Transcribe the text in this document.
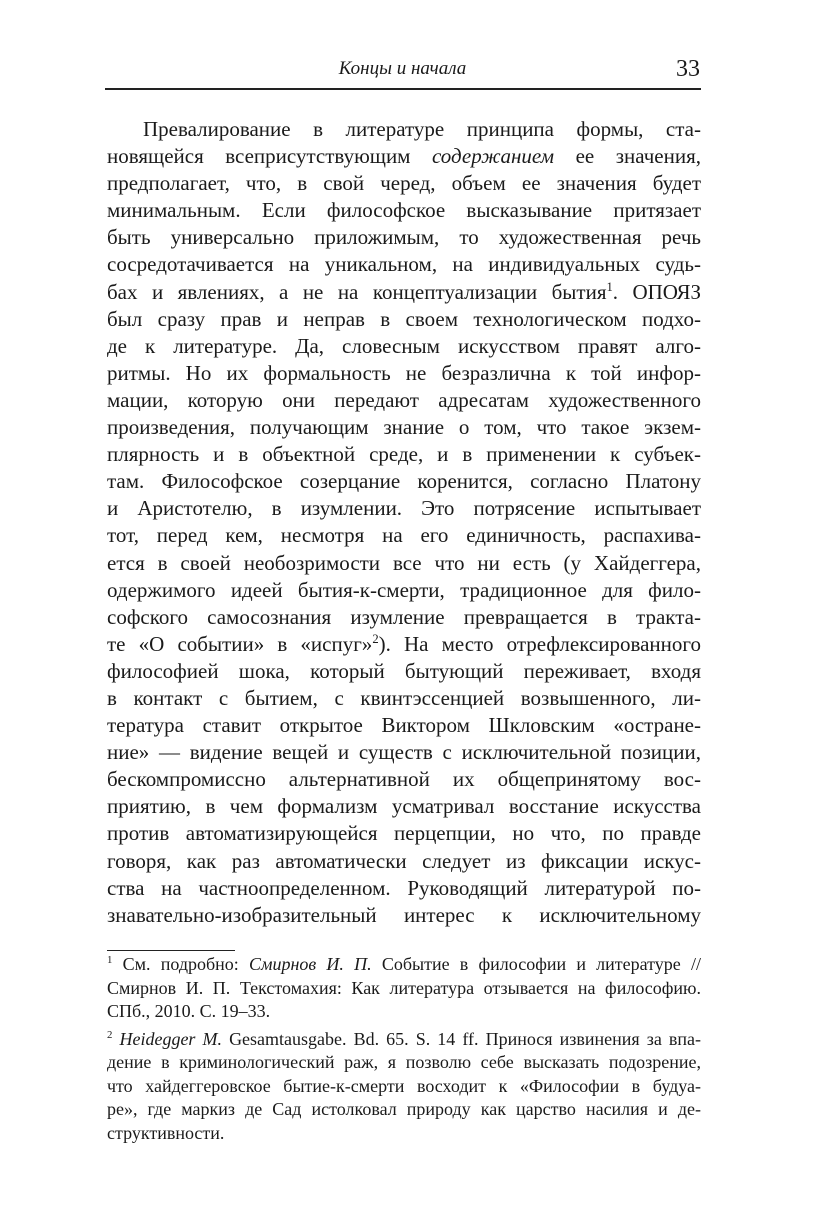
Концы и начала	33
Превалирование в литературе принципа формы, ста-
новящейся всеприсутствующим содержанием ее значения,
предполагает, что, в свой черед, объем ее значения будет
минимальным. Если философское высказывание притязает
быть универсально приложимым, то художественная речь
сосредотачивается на уникальном, на индивидуальных судь-
бах и явлениях, а не на концептуализации бытия$^1$. ОПОЯЗ
был сразу прав и неправ в своем технологическом подхо-
де к литературе. Да, словесным искусством правят алго-
ритмы. Но их формальность не безразлична к той инфор-
мации, которую они передают адресатам художественного
произведения, получающим знание о том, что такое экзем-
плярность и в объектной среде, и в применении к субъек-
там. Философское созерцание коренится, согласно Платону
и Аристотелю, в изумлении. Это потрясение испытывает
тот, перед кем, несмотря на его единичность, распахива-
ется в своей необозримости все что ни есть (у Хайдеггера,
одержимого идеей бытия-к-смерти, традиционное для фило-
софского самосознания изумление превращается в тракта-
те «О событии» в «испуг»$^2$). На место отрефлексированного
философией шока, который бытующий переживает, входя
в контакт с бытием, с квинтэссенцией возвышенного, ли-
тература ставит открытое Виктором Шкловским «остране-
ние» — видение вещей и существ с исключительной позиции,
бескомпромиссно альтернативной их общепринятому вос-
приятию, в чем формализм усматривал восстание искусства
против автоматизирующейся перцепции, но что, по правде
говоря, как раз автоматически следует из фиксации искус-
ства на частноопределенном. Руководящий литературой по-
знавательно-изобразительный интерес к исключительному
$^1$ См. подробно: Смирнов И. П. Событие в философии и литературе //
Смирнов И. П. Текстомахия: Как литература отзывается на философию.
СПб., 2010. С. 19–33.
$^2$ Heidegger M. Gesamtausgabe. Bd. 65. S. 14 ff. Принося извинения за впа-
дение в криминологический раж, я позволю себе высказать подозрение,
что хайдеггеровское бытие-к-смерти восходит к «Философии в будуа-
ре», где маркиз де Сад истолковал природу как царство насилия и де-
структивности.
